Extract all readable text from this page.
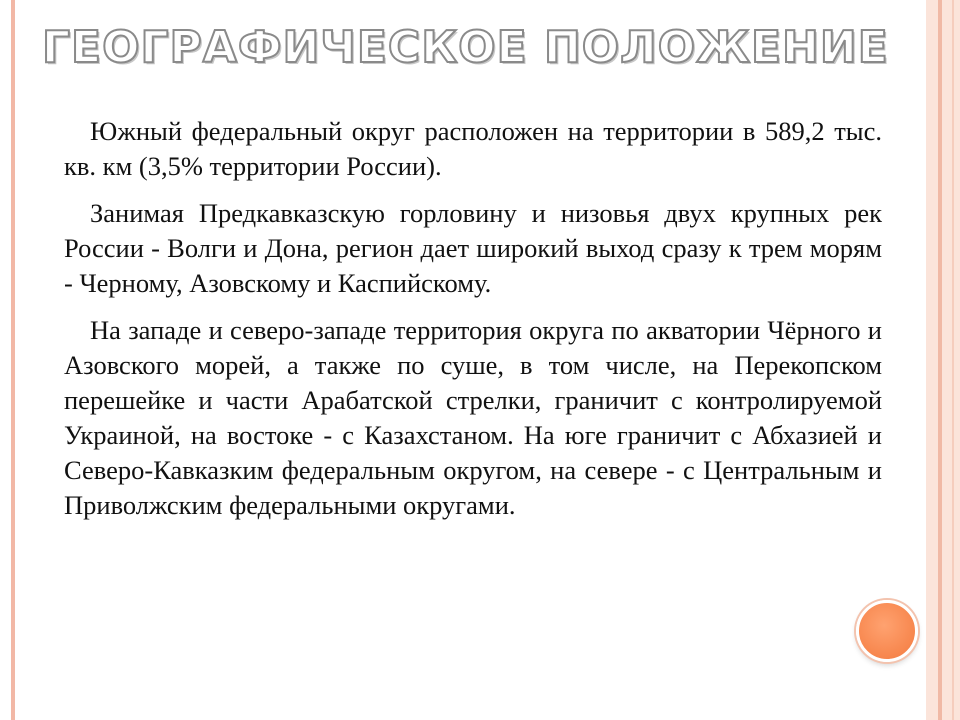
ГЕОГРАФИЧЕСКОЕ ПОЛОЖЕНИЕ

Южный федеральный округ расположен на территории в 589,2 тыс. кв. км (3,5% территории России).

Занимая Предкавказскую горловину и низовья двух крупных рек России - Волги и Дона, регион дает широкий выход сразу к трем морям - Черному, Азовскому и Каспийскому.

На западе и северо-западе территория округа по акватории Чёрного и Азовского морей, а также по суше, в том числе, на Перекопском перешейке и части Арабатской стрелки, граничит с контролируемой Украиной, на востоке - с Казахстаном. На юге граничит с Абхазией и Северо-Кавказким федеральным округом, на севере - с Центральным и Приволжским федеральными округами.
